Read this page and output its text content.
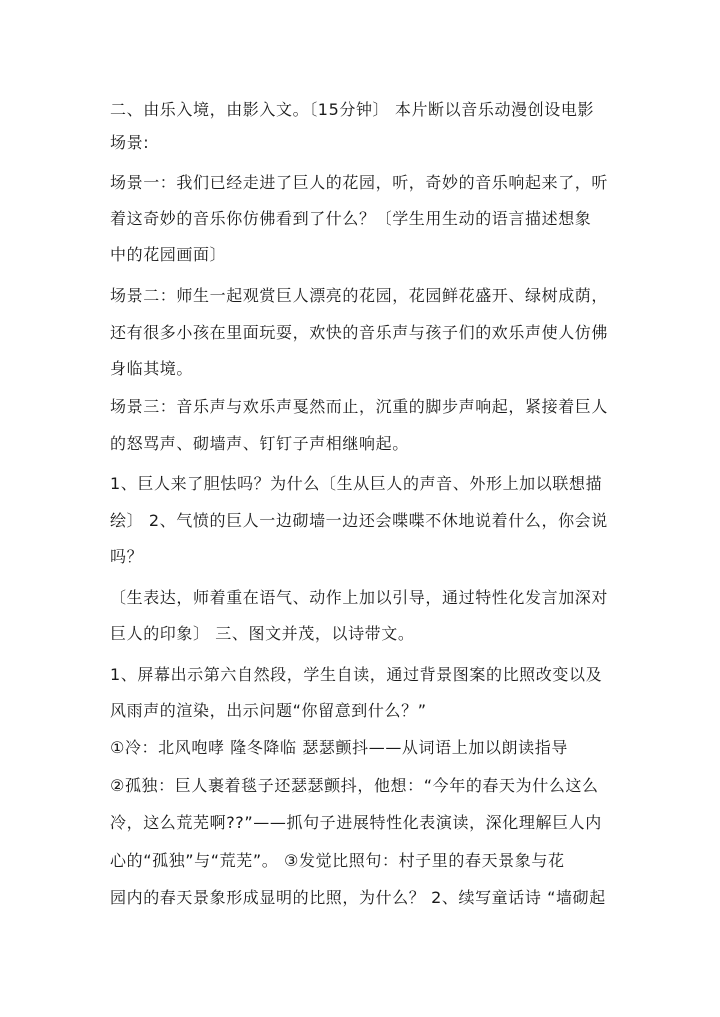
二、由乐入境，由影入文。〔15分钟〕 本片断以音乐动漫创设电影
场景:
场景一：我们已经走进了巨人的花园，听，奇妙的音乐响起来了，听
着这奇妙的音乐你仿佛看到了什么？〔学生用生动的语言描述想象
中的花园画面〕
场景二：师生一起观赏巨人漂亮的花园，花园鲜花盛开、绿树成荫，
还有很多小孩在里面玩耍，欢快的音乐声与孩子们的欢乐声使人仿佛
身临其境。
场景三：音乐声与欢乐声戛然而止，沉重的脚步声响起，紧接着巨人
的怒骂声、砌墙声、钉钉子声相继响起。
1、巨人来了胆怯吗？为什么〔生从巨人的声音、外形上加以联想描
绘〕 2、气愤的巨人一边砌墙一边还会喋喋不休地说着什么，你会说
吗？
〔生表达，师着重在语气、动作上加以引导，通过特性化发言加深对
巨人的印象〕 三、图文并茂，以诗带文。
1、屏幕出示第六自然段，学生自读，通过背景图案的比照改变以及
风雨声的渲染，出示问题“你留意到什么？”
①冷：北风咆哮 隆冬降临 瑟瑟颤抖——从词语上加以朗读指导
②孤独：巨人裹着毯子还瑟瑟颤抖，他想：“今年的春天为什么这么
冷，这么荒芜啊??”——抓句子进展特性化表演读，深化理解巨人内
心的“孤独”与“荒芜”。 ③发觉比照句：村子里的春天景象与花
园内的春天景象形成显明的比照，为什么？ 2、续写童话诗 “墙砌起
